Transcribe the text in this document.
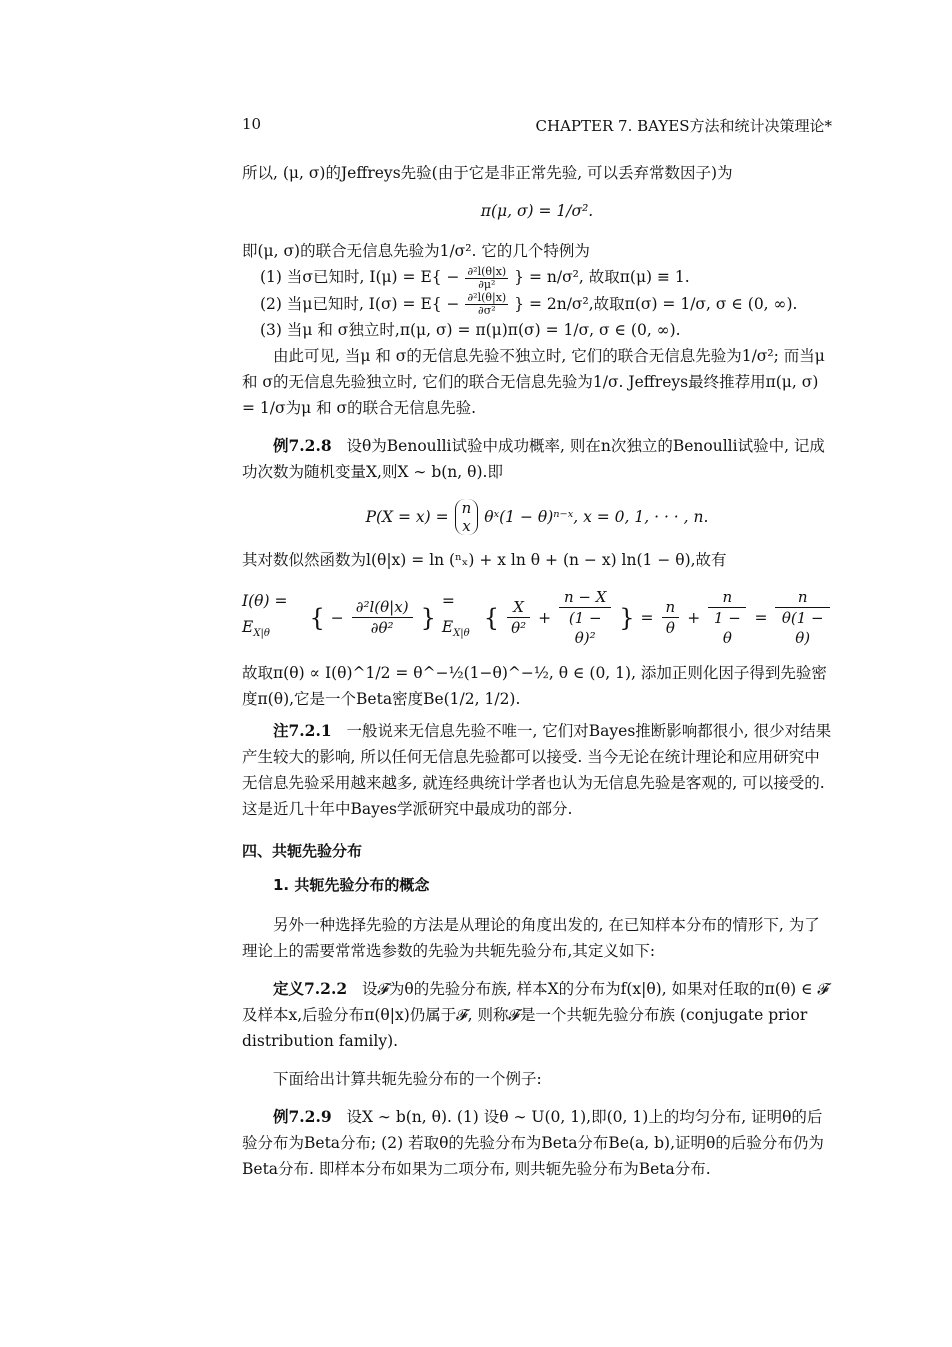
10	CHAPTER 7. BAYES方法和统计决策理论*

所以, (μ, σ)的Jeffreys先验(由于它是非正常先验, 可以丢弃常数因子)为

π(μ, σ) = 1/σ².

即(μ, σ)的联合无信息先验为1/σ². 它的几个特例为

(1) 当σ已知时, $I(\mu) = E\{ - \frac{\text{∂²l(θ|x)}}{\text{∂μ²}}$ } = n/σ², 故取π(μ) ≡ 1.

(2) 当μ已知时, $I(\sigma) = E\{ - \frac{\text{∂²l(θ|x)}}{\text{∂σ²}}$ } = 2n/σ²,故取π(σ) = 1/σ, σ ∈ (0, ∞).

(3) 当μ 和 σ独立时,π(μ, σ) = π(μ)π(σ) = 1/σ, σ ∈ (0, ∞).

由此可见, 当μ 和 σ的无信息先验不独立时, 它们的联合无信息先验为1/σ²; 而当μ 和 σ的无信息先验独立时, 它们的联合无信息先验为1/σ. Jeffreys最终推荐用π(μ, σ) = 1/σ为μ 和 σ的联合无信息先验.

例7.2.8 设θ为Benoulli试验中成功概率, 则在n次独立的Benoulli试验中, 记成功次数为随机变量X,则X ∼ b(n, θ).即

P(X = x) = n
x θˣ(1 − θ)ⁿ⁻ˣ, x = 0, 1, · · · , n.

其对数似然函数为l(θ|x) = ln (ⁿₓ) + x ln θ + (n − x) ln(1 − θ),故有

$I(\theta) = E_{X|\theta}$
{ − $\frac{\text{∂²l(θ|x)}}{\text{∂θ²}}$ }
= $E_{X|\theta}$
{ X
θ²
+ $\frac{n - X}{\text{(1 − θ)²}}$ } = $\frac{n}{\theta} + \frac{n}{1 - \theta} = \frac{n}{\theta(1 - \theta)}$

故取π(θ) ∝ I(θ)^1/2 = θ^−½(1−θ)^−½, θ ∈ (0, 1), 添加正则化因子得到先验密度π(θ),它是一个Beta密度Be(1/2, 1/2).

注7.2.1 一般说来无信息先验不唯一, 它们对Bayes推断影响都很小, 很少对结果产生较大的影响, 所以任何无信息先验都可以接受. 当今无论在统计理论和应用研究中无信息先验采用越来越多, 就连经典统计学者也认为无信息先验是客观的, 可以接受的. 这是近几十年中Bayes学派研究中最成功的部分.

四、共轭先验分布
1. 共轭先验分布的概念

另外一种选择先验的方法是从理论的角度出发的, 在已知样本分布的情形下, 为了理论上的需要常常选参数的先验为共轭先验分布,其定义如下:

定义7.2.2 设𝓕为θ的先验分布族, 样本X的分布为f(x|θ), 如果对任取的π(θ) ∈ 𝓕及样本x,后验分布π(θ|x)仍属于𝓕, 则称𝓕是一个共轭先验分布族 (conjugate prior distribution family).

下面给出计算共轭先验分布的一个例子:

例7.2.9 设X ∼ b(n, θ). (1) 设θ ∼ U(0, 1),即(0, 1)上的均匀分布, 证明θ的后验分布为Beta分布; (2) 若取θ的先验分布为Beta分布Be(a, b),证明θ的后验分布仍为Beta分布. 即样本分布如果为二项分布, 则共轭先验分布为Beta分布.
